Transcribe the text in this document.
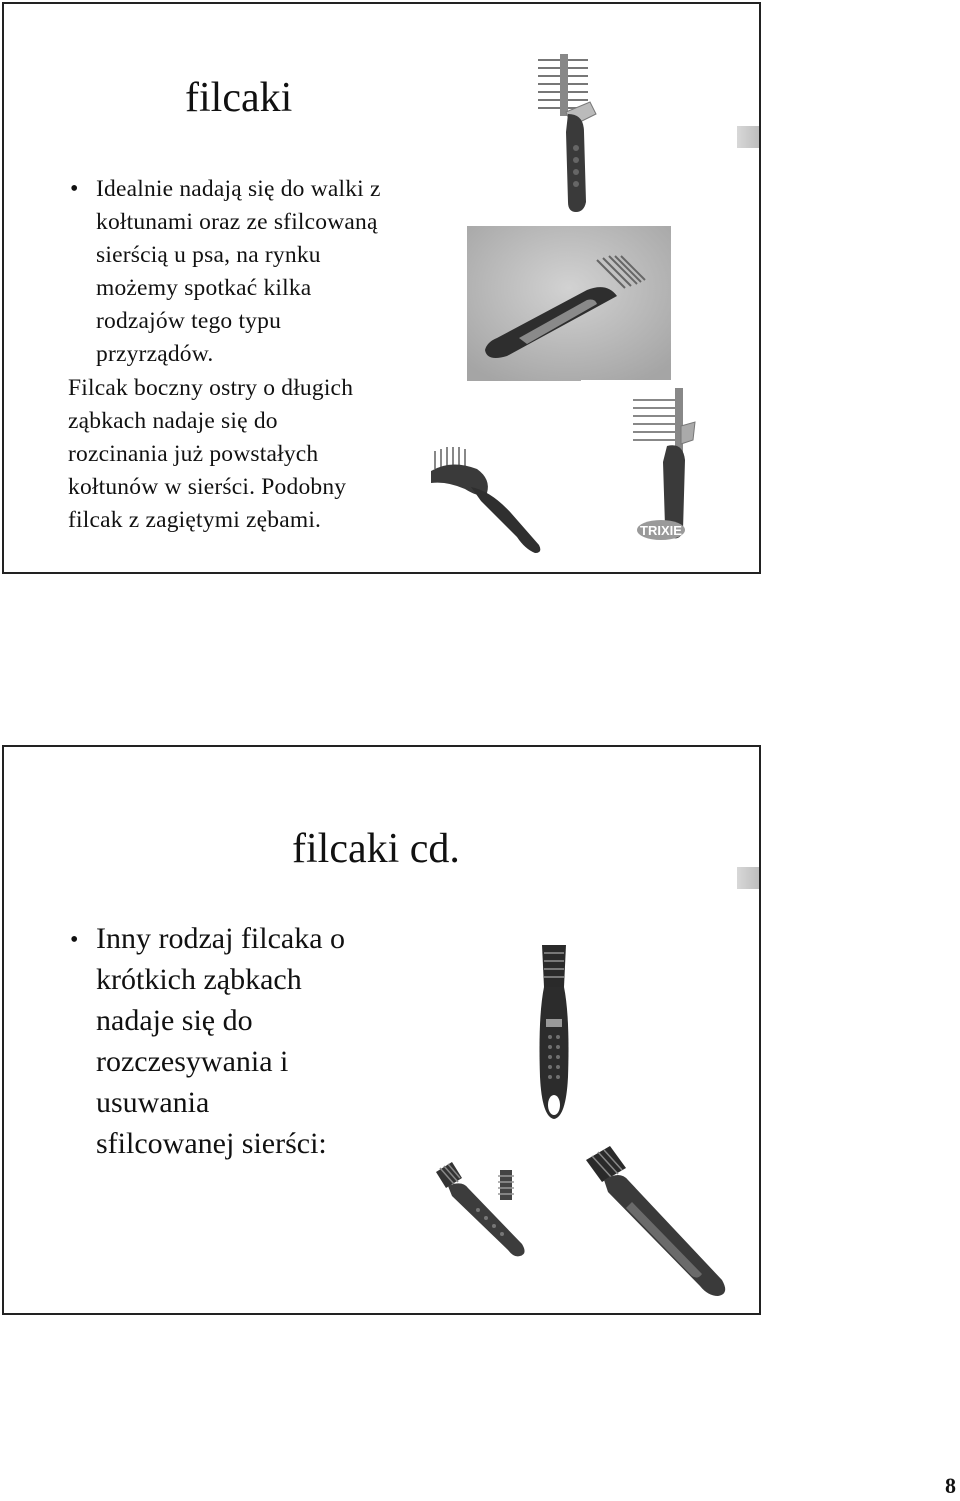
filcaki
• Idealnie nadają się do walki z
kołtunami oraz ze sfilcowaną
sierścią u psa, na rynku
możemy spotkać kilka
rodzajów tego typu
przyrządów.
Filcak boczny ostry o długich
ząbkach nadaje się do
rozcinania już powstałych
kołtunów w sierści. Podobny
filcak z zagiętymi zębami.	TRIXIE
filcaki cd.
• Inny rodzaj filcaka o
krótkich ząbkach
nadaje się do
rozczesywania i
usuwania
sfilcowanej sierści:
8
